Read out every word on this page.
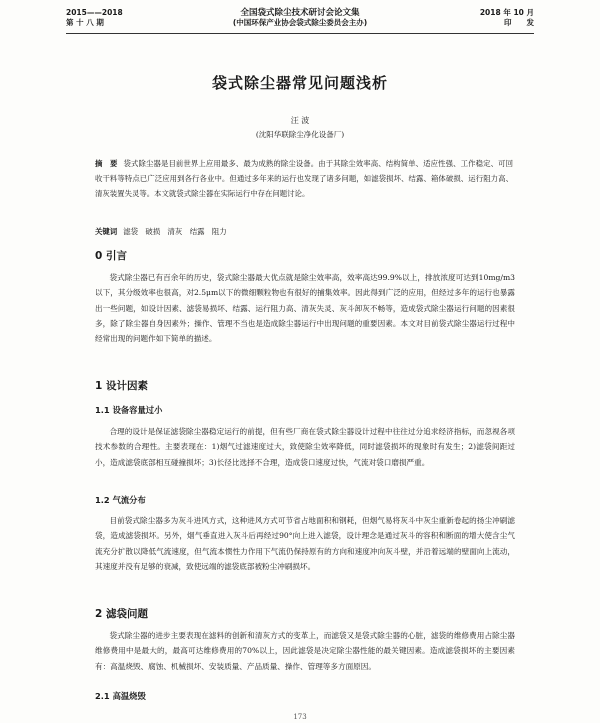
2015——2018
第 十 八 期
全国袋式除尘技术研讨会论文集
(中国环保产业协会袋式除尘委员会主办)
2018 年 10 月
印　　发
袋式除尘器常见问题浅析
汪 波
(沈阳华联除尘净化设备厂)
摘　要 袋式除尘器是目前世界上应用最多、最为成熟的除尘设备。由于其除尘效率高、结构简单、适应性强、工作稳定、可回收干料等特点已广泛应用到各行各业中。但通过多年来的运行也发现了诸多问题，如滤袋损坏、结露、箱体破损、运行阻力高、清灰装置失灵等。本文就袋式除尘器在实际运行中存在问题讨论。
关键词 滤袋　破损　清灰　结露　阻力
0 引言
袋式除尘器已有百余年的历史，袋式除尘器最大优点就是除尘效率高，效率高达99.9%以上，排放浓度可达到10mg/m3以下，其分级效率也很高，对2.5μm以下的微细颗粒物也有很好的捕集效率。因此得到广泛的应用，但经过多年的运行也暴露出一些问题，如设计因素、滤袋易损坏、结露、运行阻力高、清灰失灵、灰斗卸灰不畅等，造成袋式除尘器运行问题的因素很多，除了除尘器自身因素外；操作、管理不当也是造成除尘器运行中出现问题的重要因素。本文对目前袋式除尘器运行过程中经常出现的问题作如下简单的描述。
1 设计因素
1.1 设备容量过小
合理的设计是保证滤袋除尘器稳定运行的前提，但有些厂商在袋式除尘器设计过程中往往过分追求经济指标，而忽视各项技术参数的合理性。主要表现在：1)烟气过滤速度过大，致使除尘效率降低，同时滤袋损坏的现象时有发生；2)滤袋间距过小，造成滤袋底部相互碰撞损坏；3)长径比选择不合理，造成袋口速度过快，气流对袋口磨损严重。
1.2 气流分布
目前袋式除尘器多为灰斗进风方式，这种进风方式可节省占地面积和钢耗，但烟气易将灰斗中灰尘重新卷起的扬尘冲刷滤袋，造成滤袋损坏。另外，烟气垂直进入灰斗后再经过90°向上进入滤袋，设计理念是通过灰斗的容积和断面的增大使含尘气流充分扩散以降低气流速度，但气流本惯性力作用下气流仍保持原有的方向和速度冲向灰斗壁，并沿着远端的壁面向上流动，其速度并没有足够的衰减，致使远端的滤袋底部被粉尘冲刷损坏。
2 滤袋问题
袋式除尘器的进步主要表现在滤料的创新和清灰方式的变革上，而滤袋又是袋式除尘器的心脏，滤袋的维修费用占除尘器维修费用中是最大的，最高可达维修费用的70%以上，因此滤袋是决定除尘器性能的最关键因素。造成滤袋损坏的主要因素有：高温烧毁、腐蚀、机械损坏、安装质量、产品质量、操作、管理等多方面原因。
2.1 高温烧毁
173
